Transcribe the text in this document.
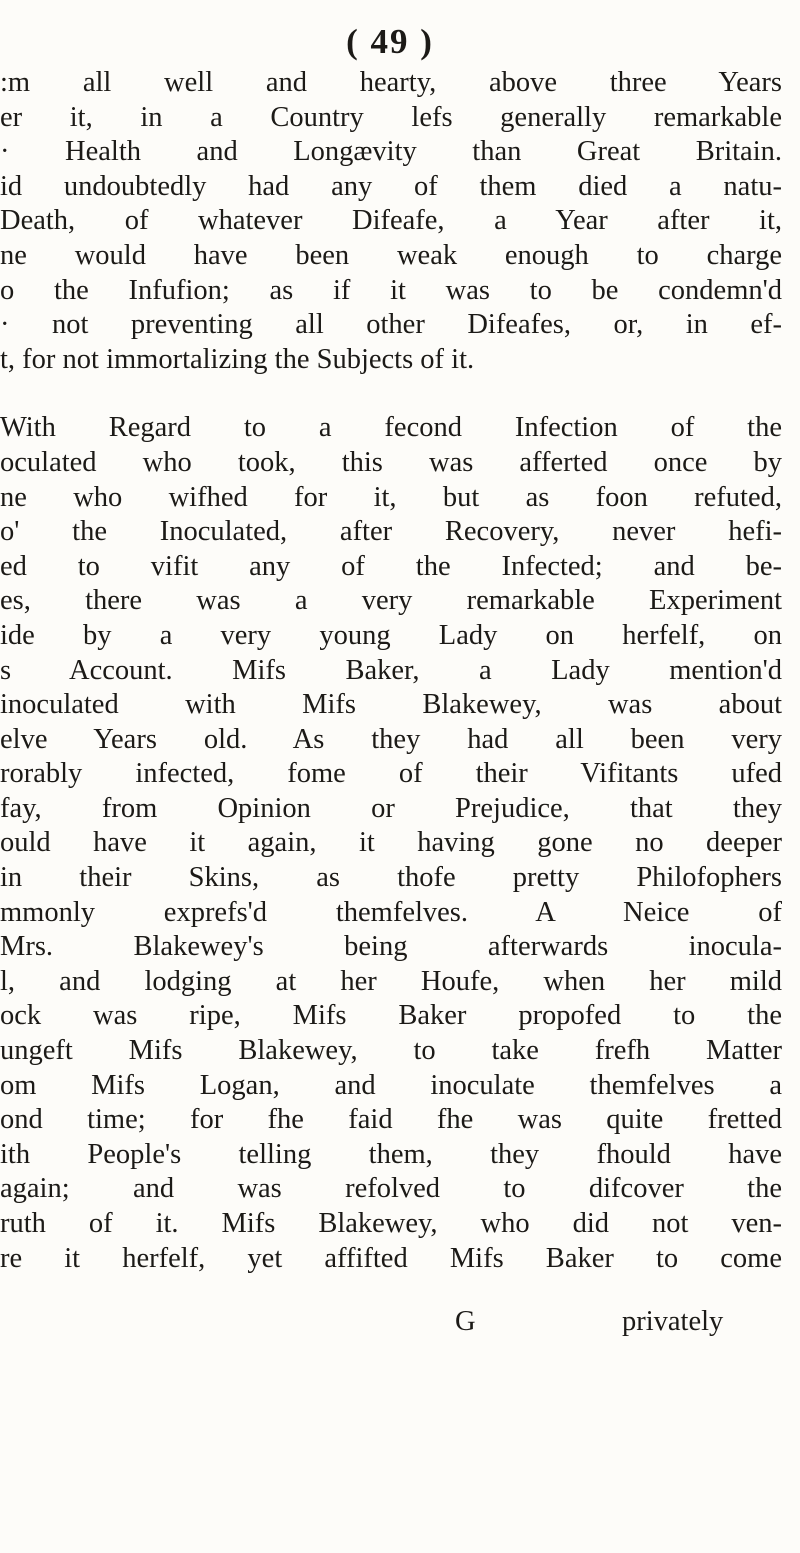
( 49 )
:m all well and hearty, above three Years
er it, in a Country lefs generally remarkable
· Health and Longævity than Great Britain.
id undoubtedly had any of them died a natu-
Death, of whatever Difeafe, a Year after it,
ne would have been weak enough to charge
o the Infufion; as if it was to be condemn'd
· not preventing all other Difeafes, or, in ef-
t, for not immortalizing the Subjects of it.
With Regard to a fecond Infection of the
oculated who took, this was afferted once by
ne who wifhed for it, but as foon refuted,
o' the Inoculated, after Recovery, never hefi-
ed to vifit any of the Infected; and be-
es, there was a very remarkable Experiment
ide by a very young Lady on herfelf, on
s Account. Mifs Baker, a Lady mention'd
inoculated with Mifs Blakewey, was about
elve Years old. As they had all been very
rorably infected, fome of their Vifitants ufed
fay, from Opinion or Prejudice, that they
ould have it again, it having gone no deeper
in their Skins, as thofe pretty Philofophers
mmonly exprefs'd themfelves. A Neice of
Mrs. Blakewey's being afterwards inocula-
l, and lodging at her Houfe, when her mild
ock was ripe, Mifs Baker propofed to the
ungeft Mifs Blakewey, to take frefh Matter
om Mifs Logan, and inoculate themfelves a
ond time; for fhe faid fhe was quite fretted
ith People's telling them, they fhould have
again; and was refolved to difcover the
ruth of it. Mifs Blakewey, who did not ven-
re it herfelf, yet affifted Mifs Baker to come
G	privately
